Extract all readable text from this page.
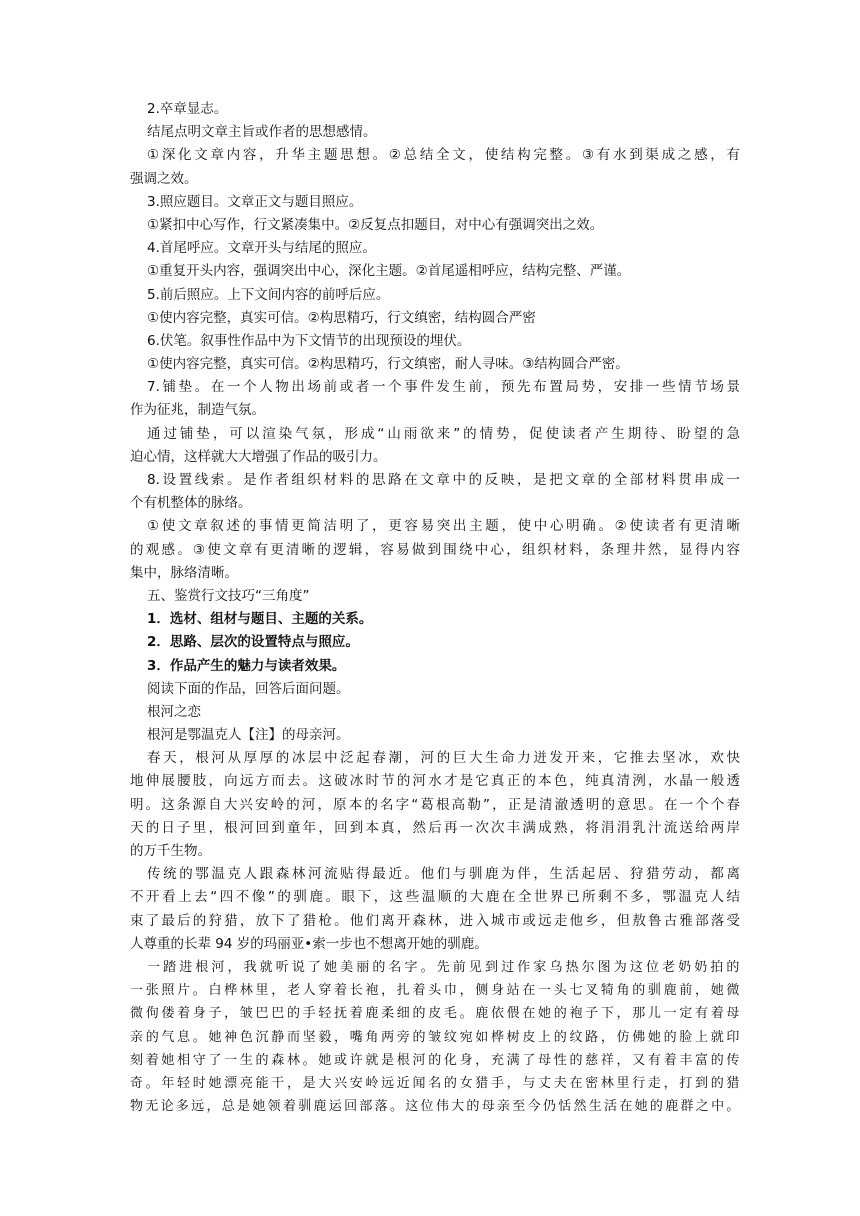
2.卒章显志。

结尾点明文章主旨或作者的思想感情。

①深化文章内容，升华主题思想。②总结全文，使结构完整。③有水到渠成之感，有

强调之效。

3.照应题目。文章正文与题目照应。

①紧扣中心写作，行文紧凑集中。②反复点扣题目，对中心有强调突出之效。

4.首尾呼应。文章开头与结尾的照应。

①重复开头内容，强调突出中心，深化主题。②首尾遥相呼应，结构完整、严谨。

5.前后照应。上下文间内容的前呼后应。

①使内容完整，真实可信。②构思精巧，行文缜密，结构圆合严密

6.伏笔。叙事性作品中为下文情节的出现预设的埋伏。

①使内容完整，真实可信。②构思精巧，行文缜密，耐人寻味。③结构圆合严密。

7.铺垫。在一个人物出场前或者一个事件发生前，预先布置局势，安排一些情节场景

作为征兆，制造气氛。

通过铺垫，可以渲染气氛，形成“山雨欲来”的情势，促使读者产生期待、盼望的急

迫心情，这样就大大增强了作品的吸引力。

8.设置线索。是作者组织材料的思路在文章中的反映，是把文章的全部材料贯串成一

个有机整体的脉络。

①使文章叙述的事情更简洁明了，更容易突出主题，使中心明确。②使读者有更清晰

的观感。③使文章有更清晰的逻辑，容易做到围绕中心，组织材料，条理井然，显得内容

集中，脉络清晰。

五、鉴赏行文技巧“三角度”

1．选材、组材与题目、主题的关系。

2．思路、层次的设置特点与照应。

3．作品产生的魅力与读者效果。

阅读下面的作品，回答后面问题。

根河之恋

根河是鄂温克人【注】的母亲河。

春天，根河从厚厚的冰层中泛起春潮，河的巨大生命力迸发开来，它推去坚冰，欢快

地伸展腰肢，向远方而去。这破冰时节的河水才是它真正的本色，纯真清洌，水晶一般透

明。这条源自大兴安岭的河，原本的名字“葛根高勒”，正是清澈透明的意思。在一个个春

天的日子里，根河回到童年，回到本真，然后再一次次丰满成熟，将涓涓乳汁流送给两岸

的万千生物。

传统的鄂温克人跟森林河流贴得最近。他们与驯鹿为伴，生活起居、狩猎劳动，都离

不开看上去“四不像”的驯鹿。眼下，这些温顺的大鹿在全世界已所剩不多，鄂温克人结

束了最后的狩猎，放下了猎枪。他们离开森林，进入城市或远走他乡，但敖鲁古雅部落受

人尊重的长辈 94 岁的玛丽亚•索一步也不想离开她的驯鹿。

一踏进根河，我就听说了她美丽的名字。先前见到过作家乌热尔图为这位老奶奶拍的

一张照片。白桦林里，老人穿着长袍，扎着头巾，侧身站在一头七叉犄角的驯鹿前，她微

微佝偻着身子，皱巴巴的手轻抚着鹿柔细的皮毛。鹿依偎在她的袍子下，那儿一定有着母

亲的气息。她神色沉静而坚毅，嘴角两旁的皱纹宛如桦树皮上的纹路，仿佛她的脸上就印

刻着她相守了一生的森林。她或许就是根河的化身，充满了母性的慈祥，又有着丰富的传

奇。年轻时她漂亮能干，是大兴安岭远近闻名的女猎手，与丈夫在密林里行走，打到的猎

物无论多远，总是她领着驯鹿运回部落。这位伟大的母亲至今仍恬然生活在她的鹿群之中。
